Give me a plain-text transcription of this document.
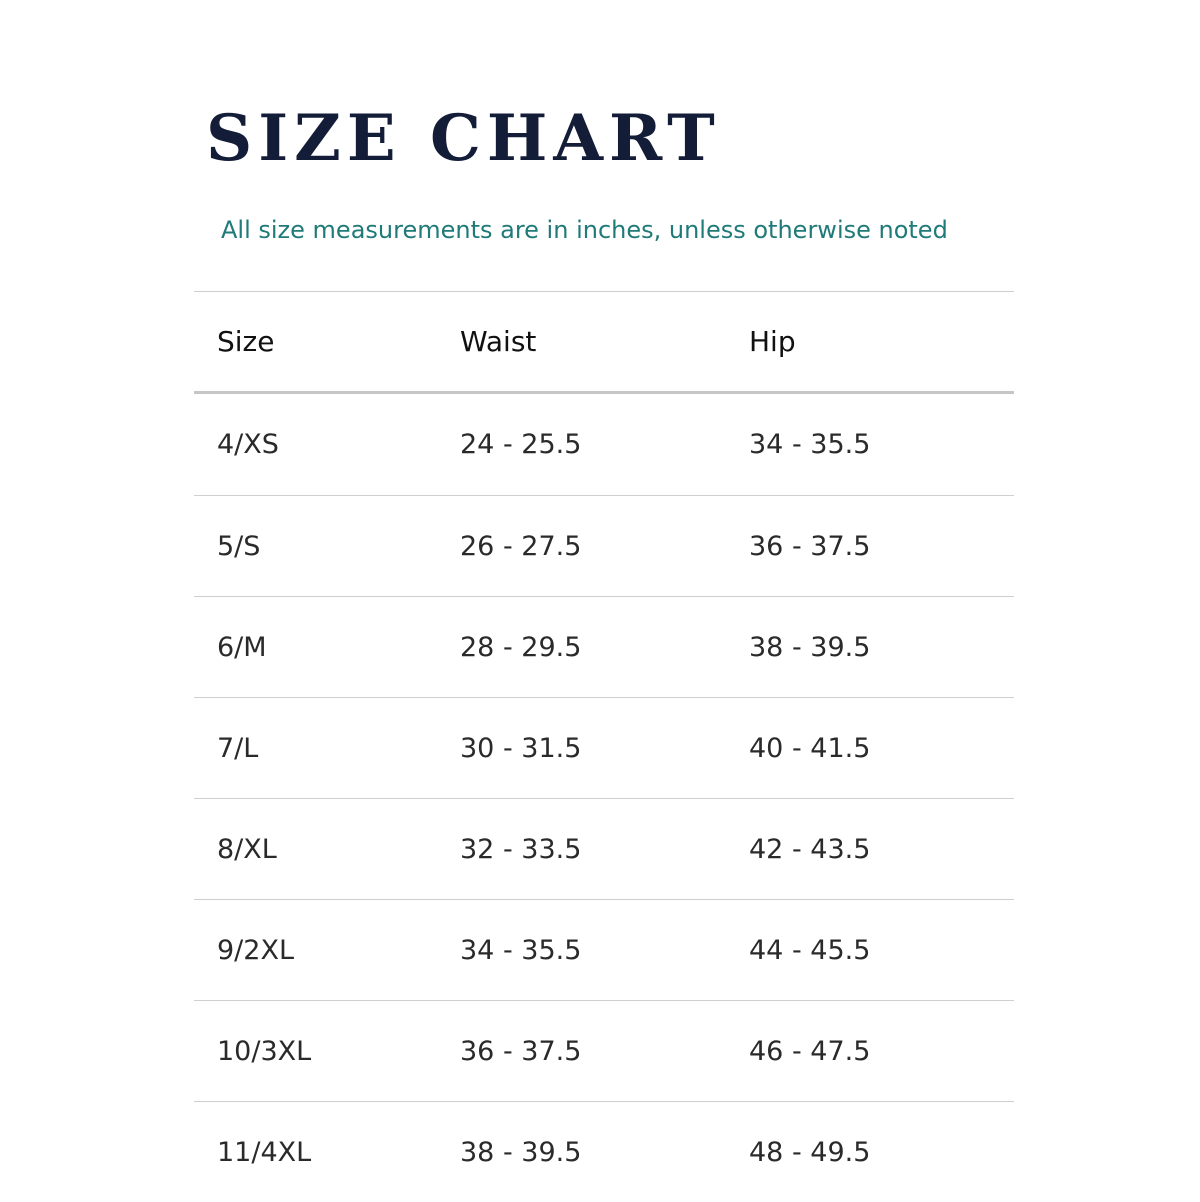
SIZE CHART
All size measurements are in inches, unless otherwise noted
Size	Waist	Hip
4/XS	24 - 25.5	34 - 35.5
5/S	26 - 27.5	36 - 37.5
6/M	28 - 29.5	38 - 39.5
7/L	30 - 31.5	40 - 41.5
8/XL	32 - 33.5	42 - 43.5
9/2XL	34 - 35.5	44 - 45.5
10/3XL	36 - 37.5	46 - 47.5
11/4XL	38 - 39.5	48 - 49.5
